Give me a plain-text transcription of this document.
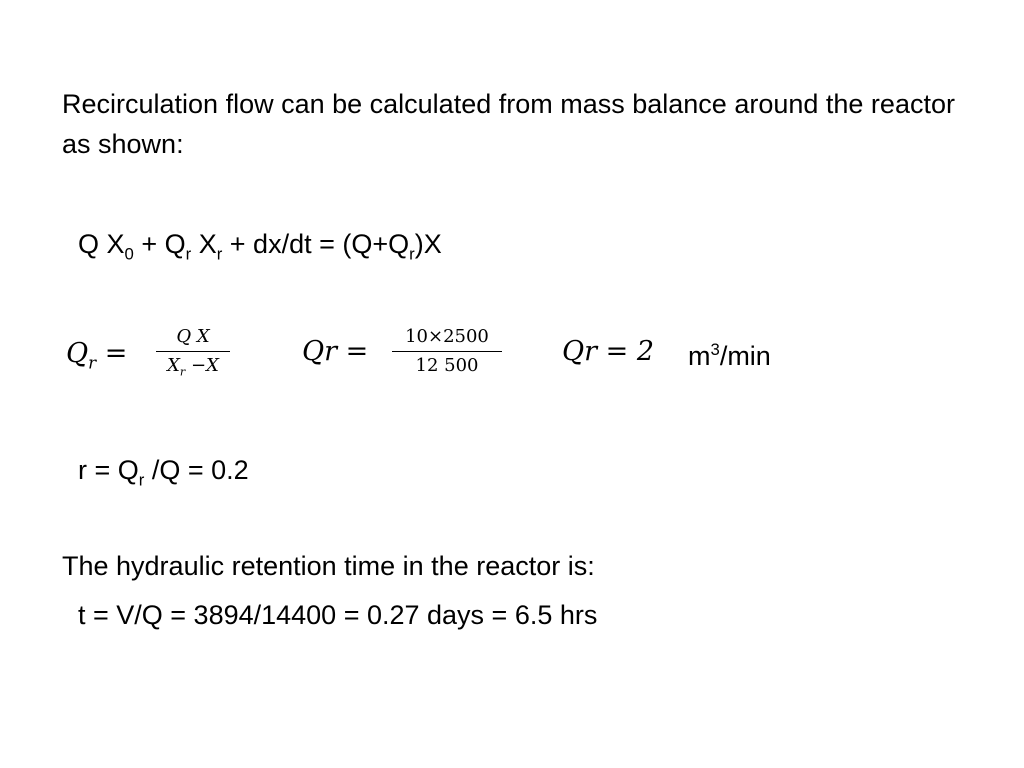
Recirculation flow can be calculated from mass balance around the reactor as shown:
Q $X_0 + Q_r$ $X_r + dx/dt = (Q+Q_r)X$
$Q_r$ =
Q X
$X_r -X$	Qr =	10×2500
12 500	Qr = 2 $m^3/\min$
$r = Q_r$ /Q = 0.2
The hydraulic retention time in the reactor is:
t = V/Q = 3894/14400 = 0.27 days = 6.5 hrs
